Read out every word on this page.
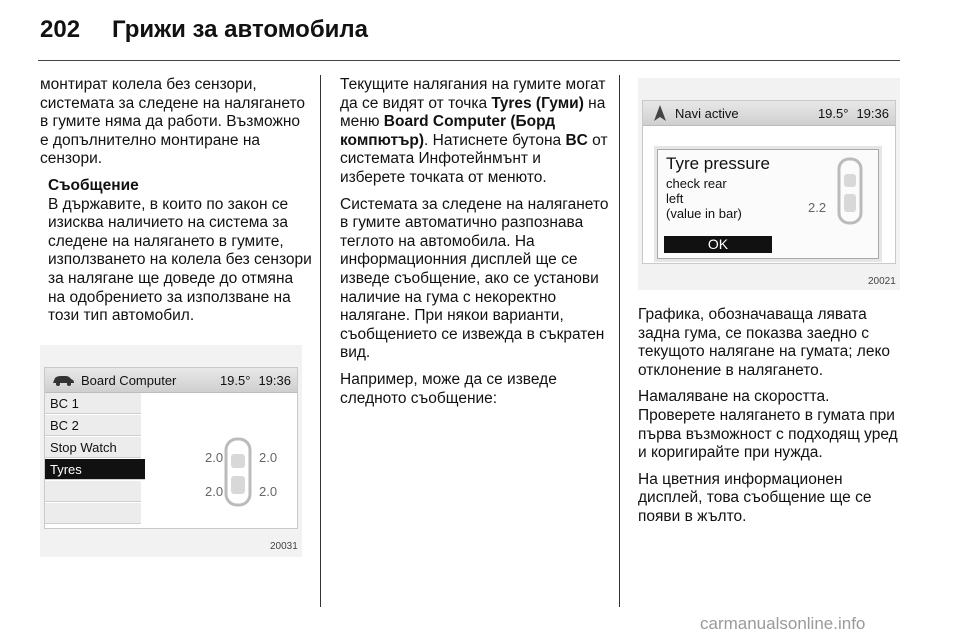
202 Грижи за автомобила

монтират колела без сензори, системата за следене на налягането в гумите няма да работи. Възможно е допълнително монтиране на сензори.

Съобщение
В държавите, в които по закон се изисква наличието на система за следене на налягането в гумите, използването на колела без сензори за налягане ще доведе до отмяна на одобрението за използване на този тип автомобил.
Board Computer	19.5° 19:36
BC 1
BC 2
Stop Watch
Tyres
2.0	2.0
2.0	2.0
20031

Текущите налягания на гумите могат да се видят от точка Tyres (Гуми) на меню Board Computer (Борд компютър). Натиснете бутона BC от системата Инфотейнмънт и изберете точката от менюто.

Системата за следене на налягането в гумите автоматично разпознава теглото на автомобила. На информационния дисплей ще се изведе съобщение, ако се установи наличие на гума с некоректно налягане. При някои варианти, съобщението се извежда в съкратен вид.

Например, може да се изведе следното съобщение:

Navi active	19.5° 19:36
Tyre pressure
check rear
left
(value in bar)	2.2
OK
20021

Графика, обозначаваща лявата задна гума, се показва заедно с текущото налягане на гумата; леко отклонение в налягането.

Намаляване на скоростта. Проверете налягането в гумата при първа възможност с подходящ уред и коригирайте при нужда.

На цветния информационен дисплей, това съобщение ще се появи в жълто.

carmanualsonline.info
